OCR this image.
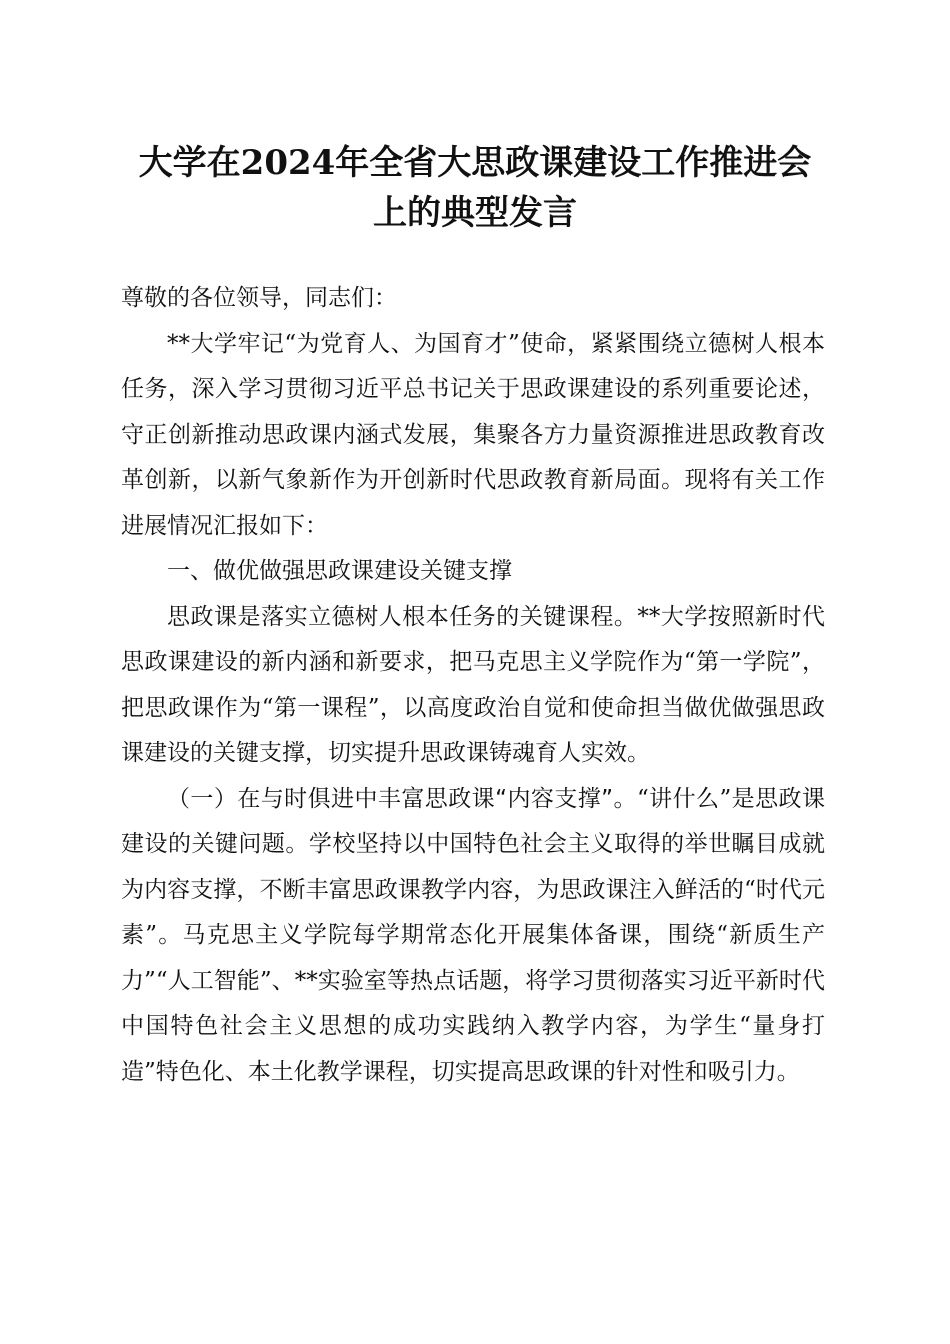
大学在2024年全省大思政课建设工作推进会
上的典型发言

尊敬的各位领导，同志们：

**大学牢记“为党育人、为国育才”使命，紧紧围绕立德树人根本任务，深入学习贯彻习近平总书记关于思政课建设的系列重要论述，守正创新推动思政课内涵式发展，集聚各方力量资源推进思政教育改革创新，以新气象新作为开创新时代思政教育新局面。现将有关工作进展情况汇报如下：

一、做优做强思政课建设关键支撑

思政课是落实立德树人根本任务的关键课程。**大学按照新时代思政课建设的新内涵和新要求，把马克思主义学院作为“第一学院”，把思政课作为“第一课程”，以高度政治自觉和使命担当做优做强思政课建设的关键支撑，切实提升思政课铸魂育人实效。

（一）在与时俱进中丰富思政课“内容支撑”。“讲什么”是思政课建设的关键问题。学校坚持以中国特色社会主义取得的举世瞩目成就为内容支撑，不断丰富思政课教学内容，为思政课注入鲜活的“时代元素”。马克思主义学院每学期常态化开展集体备课，围绕“新质生产力”“人工智能”、**实验室等热点话题，将学习贯彻落实习近平新时代中国特色社会主义思想的成功实践纳入教学内容，为学生“量身打造”特色化、本土化教学课程，切实提高思政课的针对性和吸引力。
